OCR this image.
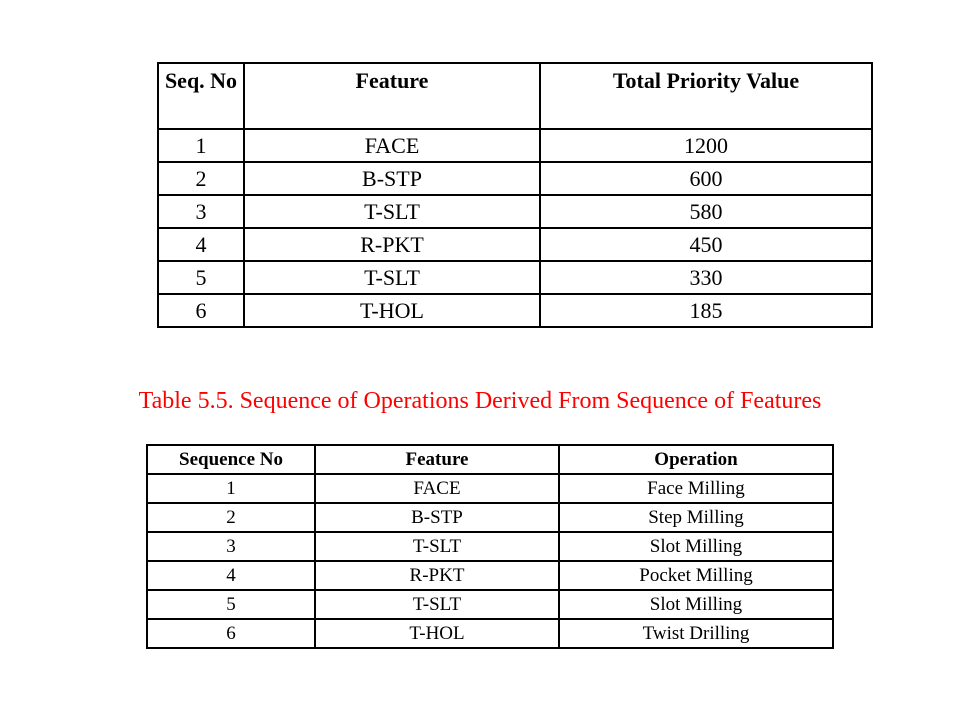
Seq. No	Feature	Total Priority Value
1	FACE	1200
2	B-STP	600
3	T-SLT	580
4	R-PKT	450
5	T-SLT	330
6	T-HOL	185
Table 5.5. Sequence of Operations Derived From Sequence of Features
Sequence No	Feature	Operation
1	FACE	Face Milling
2	B-STP	Step Milling
3	T-SLT	Slot Milling
4	R-PKT	Pocket Milling
5	T-SLT	Slot Milling
6	T-HOL	Twist Drilling
